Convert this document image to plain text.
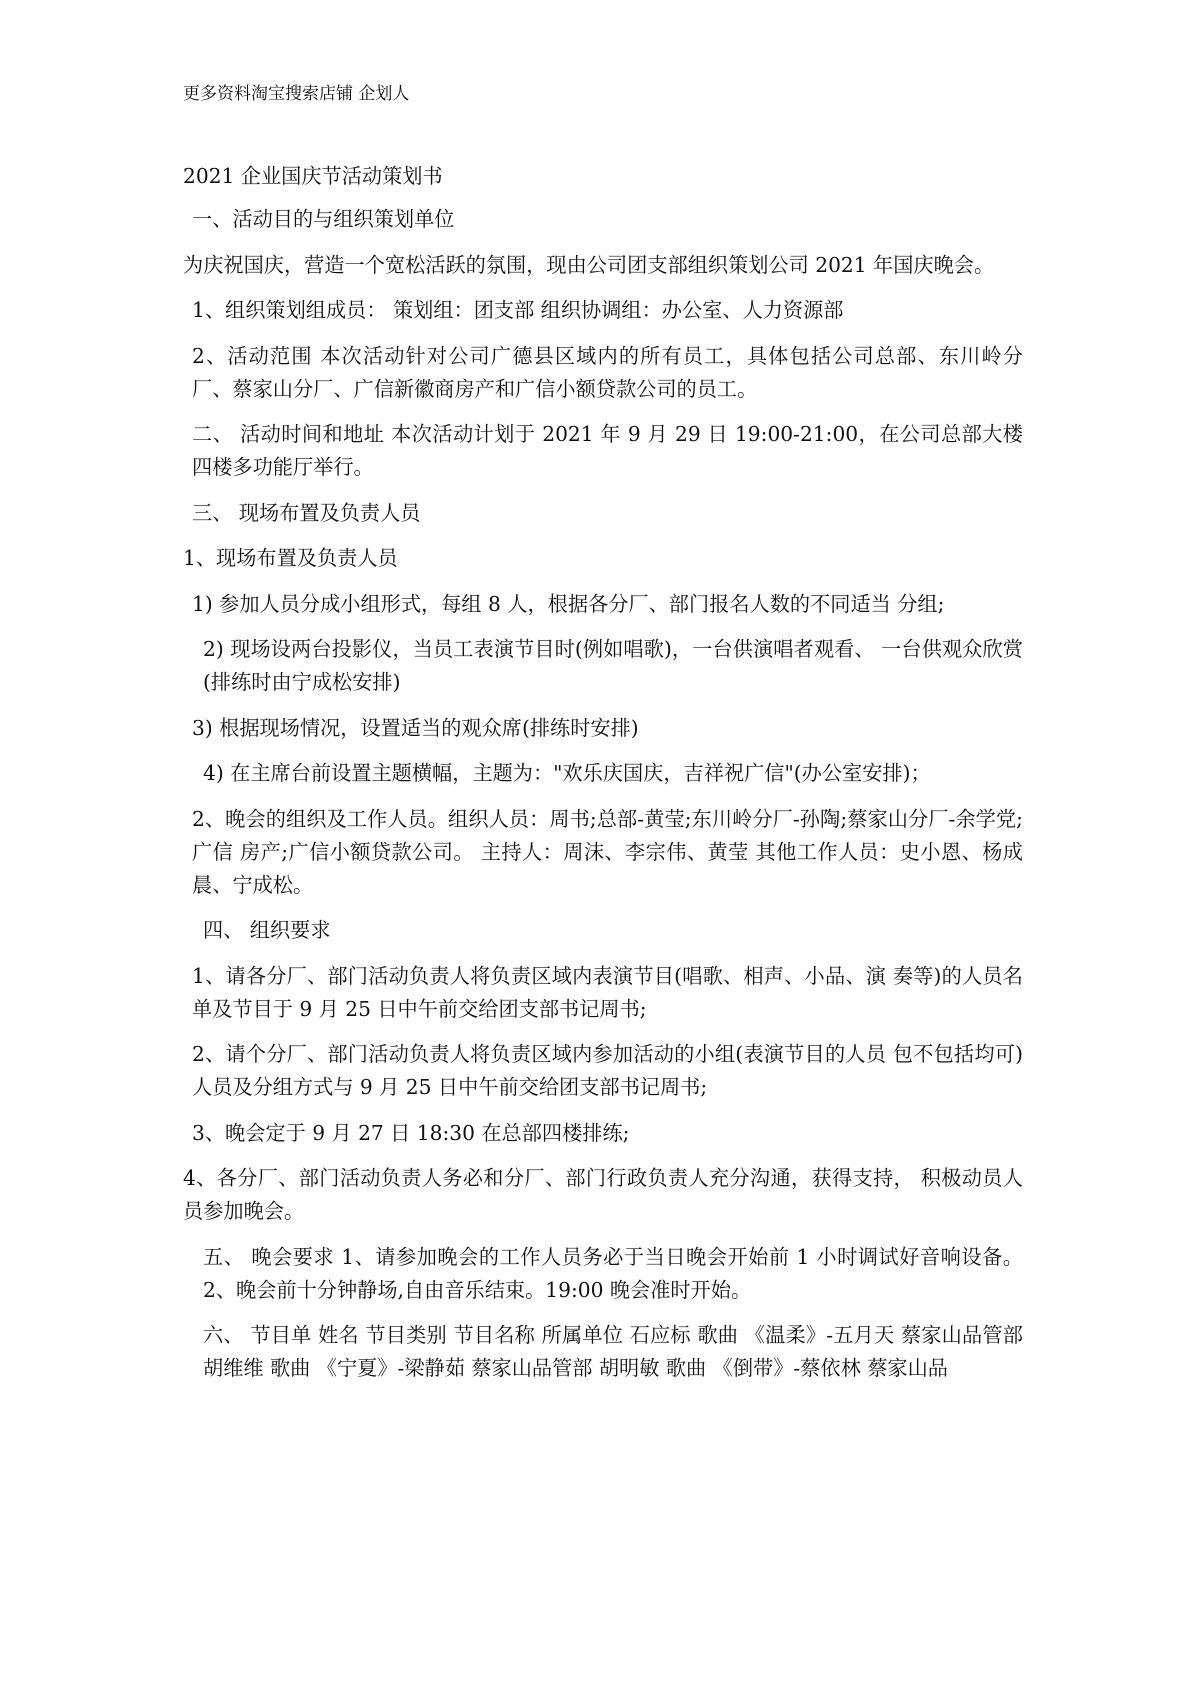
更多资料淘宝搜索店铺 企划人

2021 企业国庆节活动策划书

一、活动目的与组织策划单位

为庆祝国庆，营造一个宽松活跃的氛围，现由公司团支部组织策划公司 2021 年国庆晚会。

1、组织策划组成员： 策划组：团支部 组织协调组：办公室、人力资源部

2、活动范围 本次活动针对公司广德县区域内的所有员工，具体包括公司总部、东川岭分 厂、蔡家山分厂、广信新徽商房产和广信小额贷款公司的员工。

二、 活动时间和地址 本次活动计划于 2021 年 9 月 29 日 19:00-21:00，在公司总部大楼四楼多功能厅举行。

三、 现场布置及负责人员

1、现场布置及负责人员

1) 参加人员分成小组形式，每组 8 人，根据各分厂、部门报名人数的不同适当 分组;

2) 现场设两台投影仪，当员工表演节目时(例如唱歌)，一台供演唱者观看、 一台供观众欣赏(排练时由宁成松安排)

3) 根据现场情况，设置适当的观众席(排练时安排)

4) 在主席台前设置主题横幅，主题为："欢乐庆国庆，吉祥祝广信"(办公室安排)；

2、晚会的组织及工作人员。组织人员：周书;总部-黄莹;东川岭分厂-孙陶;蔡家山分厂-余学党;广信 房产;广信小额贷款公司。 主持人：周沫、李宗伟、黄莹 其他工作人员：史小恩、杨成晨、宁成松。

四、 组织要求

1、请各分厂、部门活动负责人将负责区域内表演节目(唱歌、相声、小品、演 奏等)的人员名单及节目于 9 月 25 日中午前交给团支部书记周书;

2、请个分厂、部门活动负责人将负责区域内参加活动的小组(表演节目的人员 包不包括均可)人员及分组方式与 9 月 25 日中午前交给团支部书记周书;

3、晚会定于 9 月 27 日 18:30 在总部四楼排练;

4、各分厂、部门活动负责人务必和分厂、部门行政负责人充分沟通，获得支持， 积极动员人员参加晚会。

五、 晚会要求 1、请参加晚会的工作人员务必于当日晚会开始前 1 小时调试好音响设备。 2、晚会前十分钟静场,自由音乐结束。19:00 晚会准时开始。

六、 节目单 姓名 节目类别 节目名称 所属单位 石应标 歌曲 《温柔》-五月天 蔡家山品管部 胡维维 歌曲 《宁夏》-梁静茹 蔡家山品管部 胡明敏 歌曲 《倒带》-蔡依林 蔡家山品
